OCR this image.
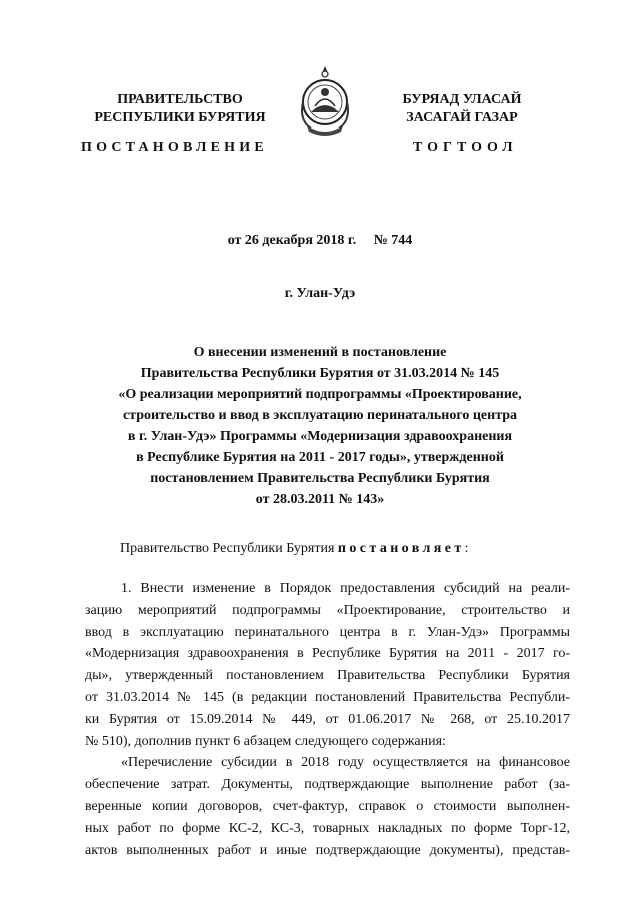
ПРАВИТЕЛЬСТВО
РЕСПУБЛИКИ БУРЯТИЯ
БУРЯАД УЛАСАЙ
ЗАСАГАЙ ГАЗАР
ПОСТАНОВЛЕНИЕ	ТОГТООЛ
от 26 декабря 2018 г. № 744
г. Улан-Удэ
О внесении изменений в постановление
Правительства Республики Бурятия от 31.03.2014 № 145
«О реализации мероприятий подпрограммы «Проектирование,
строительство и ввод в эксплуатацию перинатального центра
в г. Улан-Удэ» Программы «Модернизация здравоохранения
в Республике Бурятия на 2011 - 2017 годы», утвержденной
постановлением Правительства Республики Бурятия
от 28.03.2011 № 143»
Правительство Республики Бурятия постановляет:
1. Внести изменение в Порядок предоставления субсидий на реали-
зацию мероприятий подпрограммы «Проектирование, строительство и
ввод в эксплуатацию перинатального центра в г. Улан-Удэ» Программы
«Модернизация здравоохранения в Республике Бурятия на 2011 - 2017 го-
ды», утвержденный постановлением Правительства Республики Бурятия
от 31.03.2014 № 145 (в редакции постановлений Правительства Республи-
ки Бурятия от 15.09.2014 № 449, от 01.06.2017 № 268, от 25.10.2017
№ 510), дополнив пункт 6 абзацем следующего содержания:
«Перечисление субсидии в 2018 году осуществляется на финансовое
обеспечение затрат. Документы, подтверждающие выполнение работ (за-
веренные копии договоров, счет-фактур, справок о стоимости выполнен-
ных работ по форме КС-2, КС-3, товарных накладных по форме Торг-12,
актов выполненных работ и иные подтверждающие документы), представ-
